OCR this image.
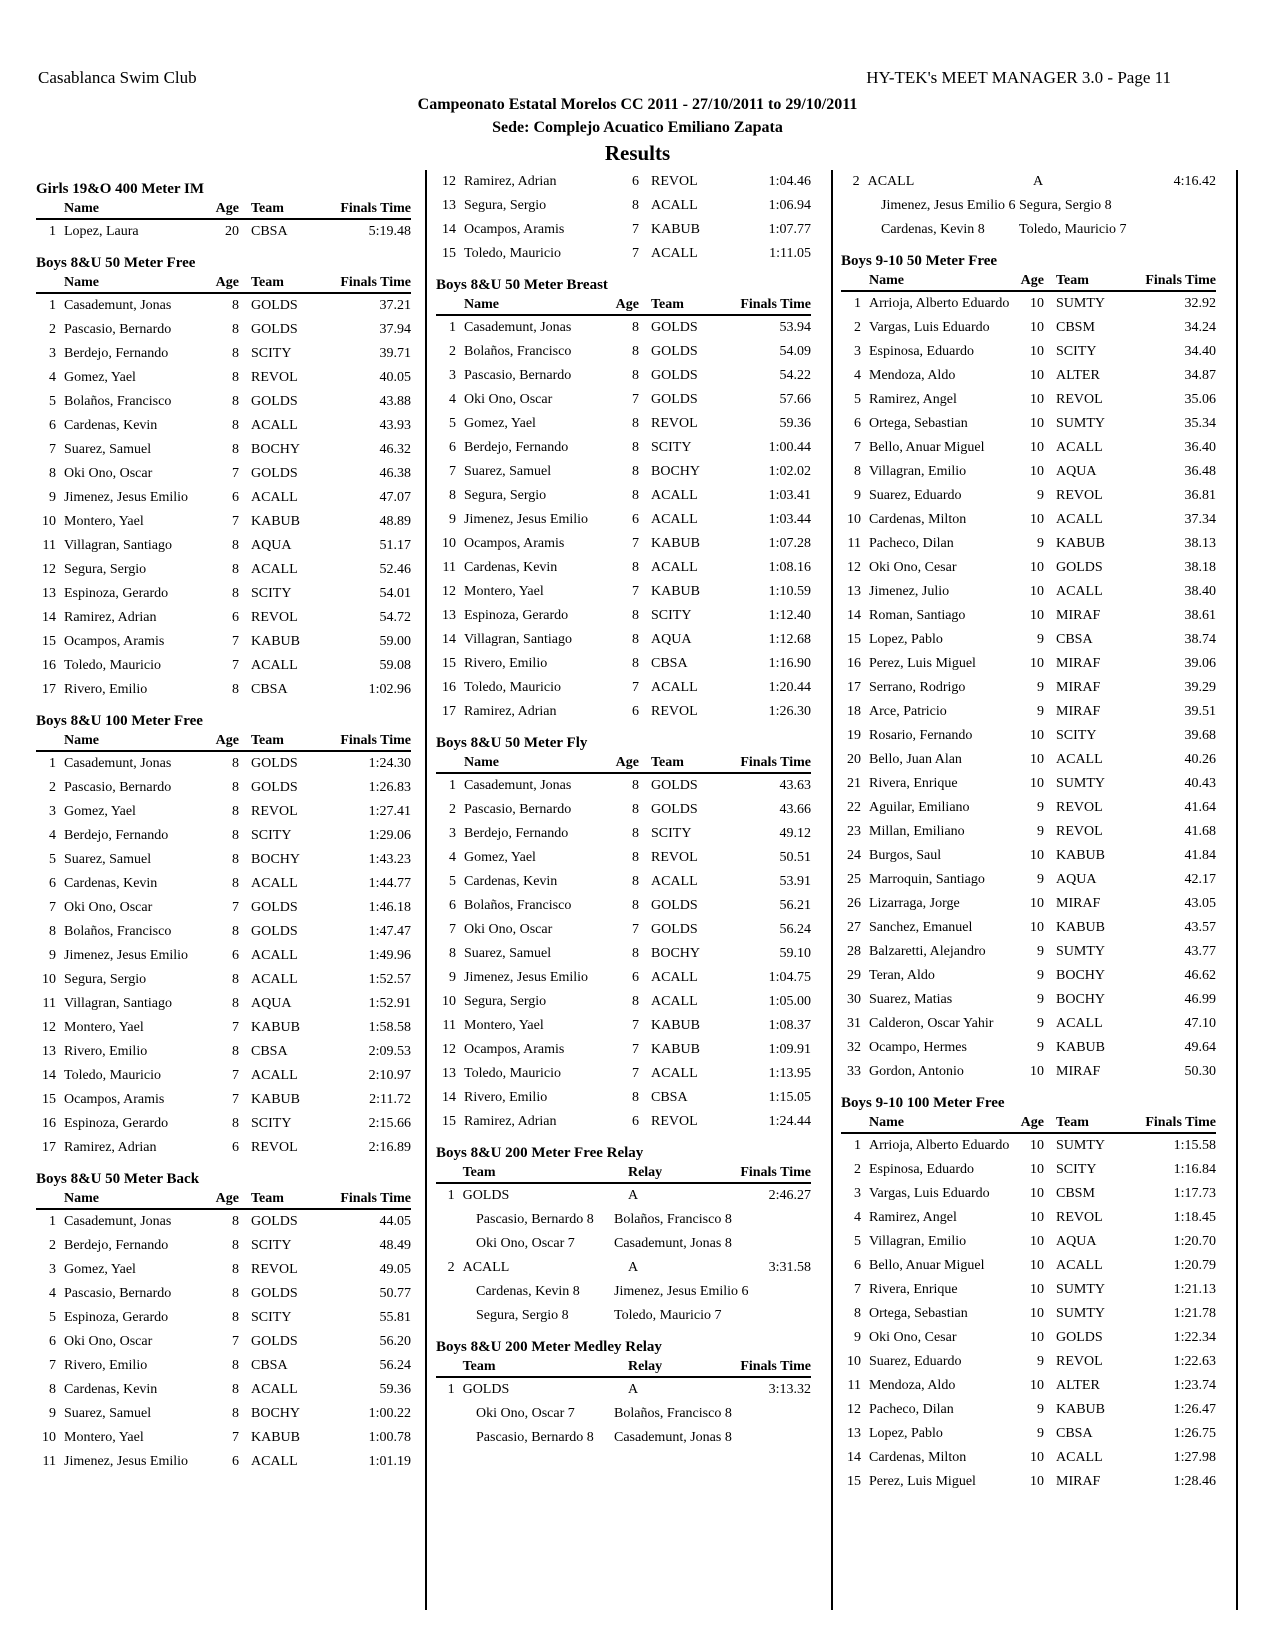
Casablanca Swim Club	HY-TEK's MEET MANAGER 3.0 - Page 11
Campeonato Estatal Morelos CC 2011 - 27/10/2011 to 29/10/2011
Sede: Complejo Acuatico Emiliano Zapata
Results
Girls 19&O 400 Meter IM
Name	Age Team	Finals Time
1 Lopez, Laura	20 CBSA	5:19.48
Boys 8&U 50 Meter Free
Name	Age Team	Finals Time
1 Casademunt, Jonas	8 GOLDS	37.21
2 Pascasio, Bernardo	8 GOLDS	37.94
3 Berdejo, Fernando	8 SCITY	39.71
4 Gomez, Yael	8 REVOL	40.05
5 Bolaños, Francisco	8 GOLDS	43.88
6 Cardenas, Kevin	8 ACALL	43.93
7 Suarez, Samuel	8 BOCHY	46.32
8 Oki Ono, Oscar	7 GOLDS	46.38
9 Jimenez, Jesus Emilio	6 ACALL	47.07
10 Montero, Yael	7 KABUB	48.89
11 Villagran, Santiago	8 AQUA	51.17
12 Segura, Sergio	8 ACALL	52.46
13 Espinoza, Gerardo	8 SCITY	54.01
14 Ramirez, Adrian	6 REVOL	54.72
15 Ocampos, Aramis	7 KABUB	59.00
16 Toledo, Mauricio	7 ACALL	59.08
17 Rivero, Emilio	8 CBSA	1:02.96
Boys 8&U 100 Meter Free
Name	Age Team	Finals Time
1 Casademunt, Jonas	8 GOLDS	1:24.30
2 Pascasio, Bernardo	8 GOLDS	1:26.83
3 Gomez, Yael	8 REVOL	1:27.41
4 Berdejo, Fernando	8 SCITY	1:29.06
5 Suarez, Samuel	8 BOCHY	1:43.23
6 Cardenas, Kevin	8 ACALL	1:44.77
7 Oki Ono, Oscar	7 GOLDS	1:46.18
8 Bolaños, Francisco	8 GOLDS	1:47.47
9 Jimenez, Jesus Emilio	6 ACALL	1:49.96
10 Segura, Sergio	8 ACALL	1:52.57
11 Villagran, Santiago	8 AQUA	1:52.91
12 Montero, Yael	7 KABUB	1:58.58
13 Rivero, Emilio	8 CBSA	2:09.53
14 Toledo, Mauricio	7 ACALL	2:10.97
15 Ocampos, Aramis	7 KABUB	2:11.72
16 Espinoza, Gerardo	8 SCITY	2:15.66
17 Ramirez, Adrian	6 REVOL	2:16.89
Boys 8&U 50 Meter Back
Name	Age Team	Finals Time
1 Casademunt, Jonas	8 GOLDS	44.05
2 Berdejo, Fernando	8 SCITY	48.49
3 Gomez, Yael	8 REVOL	49.05
4 Pascasio, Bernardo	8 GOLDS	50.77
5 Espinoza, Gerardo	8 SCITY	55.81
6 Oki Ono, Oscar	7 GOLDS	56.20
7 Rivero, Emilio	8 CBSA	56.24
8 Cardenas, Kevin	8 ACALL	59.36
9 Suarez, Samuel	8 BOCHY	1:00.22
10 Montero, Yael	7 KABUB	1:00.78
11 Jimenez, Jesus Emilio	6 ACALL	1:01.19
12 Ramirez, Adrian	6 REVOL	1:04.46
13 Segura, Sergio	8 ACALL	1:06.94
14 Ocampos, Aramis	7 KABUB	1:07.77
15 Toledo, Mauricio	7 ACALL	1:11.05
Boys 8&U 50 Meter Breast
Name	Age Team	Finals Time
1 Casademunt, Jonas	8 GOLDS	53.94
2 Bolaños, Francisco	8 GOLDS	54.09
3 Pascasio, Bernardo	8 GOLDS	54.22
4 Oki Ono, Oscar	7 GOLDS	57.66
5 Gomez, Yael	8 REVOL	59.36
6 Berdejo, Fernando	8 SCITY	1:00.44
7 Suarez, Samuel	8 BOCHY	1:02.02
8 Segura, Sergio	8 ACALL	1:03.41
9 Jimenez, Jesus Emilio	6 ACALL	1:03.44
10 Ocampos, Aramis	7 KABUB	1:07.28
11 Cardenas, Kevin	8 ACALL	1:08.16
12 Montero, Yael	7 KABUB	1:10.59
13 Espinoza, Gerardo	8 SCITY	1:12.40
14 Villagran, Santiago	8 AQUA	1:12.68
15 Rivero, Emilio	8 CBSA	1:16.90
16 Toledo, Mauricio	7 ACALL	1:20.44
17 Ramirez, Adrian	6 REVOL	1:26.30
Boys 8&U 50 Meter Fly
Name	Age Team	Finals Time
1 Casademunt, Jonas	8 GOLDS	43.63
2 Pascasio, Bernardo	8 GOLDS	43.66
3 Berdejo, Fernando	8 SCITY	49.12
4 Gomez, Yael	8 REVOL	50.51
5 Cardenas, Kevin	8 ACALL	53.91
6 Bolaños, Francisco	8 GOLDS	56.21
7 Oki Ono, Oscar	7 GOLDS	56.24
8 Suarez, Samuel	8 BOCHY	59.10
9 Jimenez, Jesus Emilio	6 ACALL	1:04.75
10 Segura, Sergio	8 ACALL	1:05.00
11 Montero, Yael	7 KABUB	1:08.37
12 Ocampos, Aramis	7 KABUB	1:09.91
13 Toledo, Mauricio	7 ACALL	1:13.95
14 Rivero, Emilio	8 CBSA	1:15.05
15 Ramirez, Adrian	6 REVOL	1:24.44
Boys 8&U 200 Meter Free Relay
Team	Relay	Finals Time
1 GOLDS	A	2:46.27
Pascasio, Bernardo 8	Bolaños, Francisco 8
Oki Ono, Oscar 7	Casademunt, Jonas 8
2 ACALL	A	3:31.58
Cardenas, Kevin 8	Jimenez, Jesus Emilio 6
Segura, Sergio 8	Toledo, Mauricio 7
Boys 8&U 200 Meter Medley Relay
Team	Relay	Finals Time
1 GOLDS	A	3:13.32
Oki Ono, Oscar 7	Bolaños, Francisco 8
Pascasio, Bernardo 8	Casademunt, Jonas 8
2 ACALL	A	4:16.42
Jimenez, Jesus Emilio 6 Segura, Sergio 8
Cardenas, Kevin 8	Toledo, Mauricio 7
Boys 9-10 50 Meter Free
Name	Age Team	Finals Time
1 Arrioja, Alberto Eduardo	10 SUMTY	32.92
2 Vargas, Luis Eduardo	10 CBSM	34.24
3 Espinosa, Eduardo	10 SCITY	34.40
4 Mendoza, Aldo	10 ALTER	34.87
5 Ramirez, Angel	10 REVOL	35.06
6 Ortega, Sebastian	10 SUMTY	35.34
7 Bello, Anuar Miguel	10 ACALL	36.40
8 Villagran, Emilio	10 AQUA	36.48
9 Suarez, Eduardo	9 REVOL	36.81
10 Cardenas, Milton	10 ACALL	37.34
11 Pacheco, Dilan	9 KABUB	38.13
12 Oki Ono, Cesar	10 GOLDS	38.18
13 Jimenez, Julio	10 ACALL	38.40
14 Roman, Santiago	10 MIRAF	38.61
15 Lopez, Pablo	9 CBSA	38.74
16 Perez, Luis Miguel	10 MIRAF	39.06
17 Serrano, Rodrigo	9 MIRAF	39.29
18 Arce, Patricio	9 MIRAF	39.51
19 Rosario, Fernando	10 SCITY	39.68
20 Bello, Juan Alan	10 ACALL	40.26
21 Rivera, Enrique	10 SUMTY	40.43
22 Aguilar, Emiliano	9 REVOL	41.64
23 Millan, Emiliano	9 REVOL	41.68
24 Burgos, Saul	10 KABUB	41.84
25 Marroquin, Santiago	9 AQUA	42.17
26 Lizarraga, Jorge	10 MIRAF	43.05
27 Sanchez, Emanuel	10 KABUB	43.57
28 Balzaretti, Alejandro	9 SUMTY	43.77
29 Teran, Aldo	9 BOCHY	46.62
30 Suarez, Matias	9 BOCHY	46.99
31 Calderon, Oscar Yahir	9 ACALL	47.10
32 Ocampo, Hermes	9 KABUB	49.64
33 Gordon, Antonio	10 MIRAF	50.30
Boys 9-10 100 Meter Free
Name	Age Team	Finals Time
1 Arrioja, Alberto Eduardo	10 SUMTY	1:15.58
2 Espinosa, Eduardo	10 SCITY	1:16.84
3 Vargas, Luis Eduardo	10 CBSM	1:17.73
4 Ramirez, Angel	10 REVOL	1:18.45
5 Villagran, Emilio	10 AQUA	1:20.70
6 Bello, Anuar Miguel	10 ACALL	1:20.79
7 Rivera, Enrique	10 SUMTY	1:21.13
8 Ortega, Sebastian	10 SUMTY	1:21.78
9 Oki Ono, Cesar	10 GOLDS	1:22.34
10 Suarez, Eduardo	9 REVOL	1:22.63
11 Mendoza, Aldo	10 ALTER	1:23.74
12 Pacheco, Dilan	9 KABUB	1:26.47
13 Lopez, Pablo	9 CBSA	1:26.75
14 Cardenas, Milton	10 ACALL	1:27.98
15 Perez, Luis Miguel	10 MIRAF	1:28.46
